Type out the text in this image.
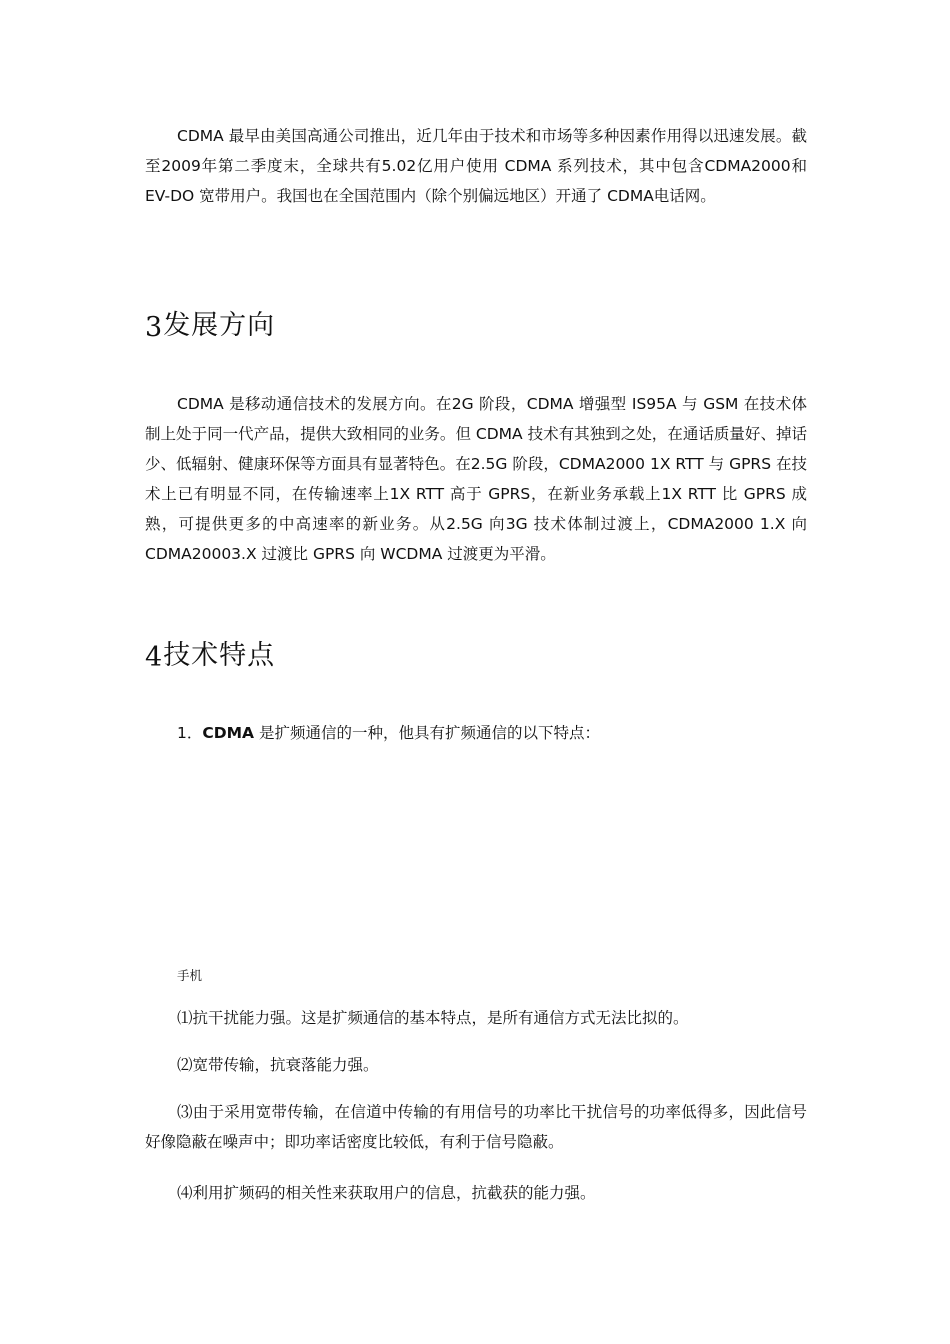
CDMA 最早由美国高通公司推出，近几年由于技术和市场等多种因素作用得以迅速发展。截至2009年第二季度末，全球共有5.02亿用户使用 CDMA 系列技术，其中包含CDMA2000和 EV-DO 宽带用户。我国也在全国范围内（除个别偏远地区）开通了 CDMA电话网。

3发展方向

CDMA 是移动通信技术的发展方向。在2G 阶段，CDMA 增强型 IS95A 与 GSM 在技术体制上处于同一代产品，提供大致相同的业务。但 CDMA 技术有其独到之处，在通话质量好、掉话少、低辐射、健康环保等方面具有显著特色。在2.5G 阶段，CDMA2000 1X RTT 与 GPRS 在技术上已有明显不同，在传输速率上1X RTT 高于 GPRS，在新业务承载上1X RTT 比 GPRS 成熟，可提供更多的中高速率的新业务。从2.5G 向3G 技术体制过渡上，CDMA2000 1.X 向 CDMA20003.X 过渡比 GPRS 向 WCDMA 过渡更为平滑。

4技术特点

1．CDMA 是扩频通信的一种，他具有扩频通信的以下特点：

手机

⑴抗干扰能力强。这是扩频通信的基本特点，是所有通信方式无法比拟的。

⑵宽带传输，抗衰落能力强。

⑶由于采用宽带传输，在信道中传输的有用信号的功率比干扰信号的功率低得多，因此信号好像隐蔽在噪声中；即功率话密度比较低，有利于信号隐蔽。

⑷利用扩频码的相关性来获取用户的信息，抗截获的能力强。
